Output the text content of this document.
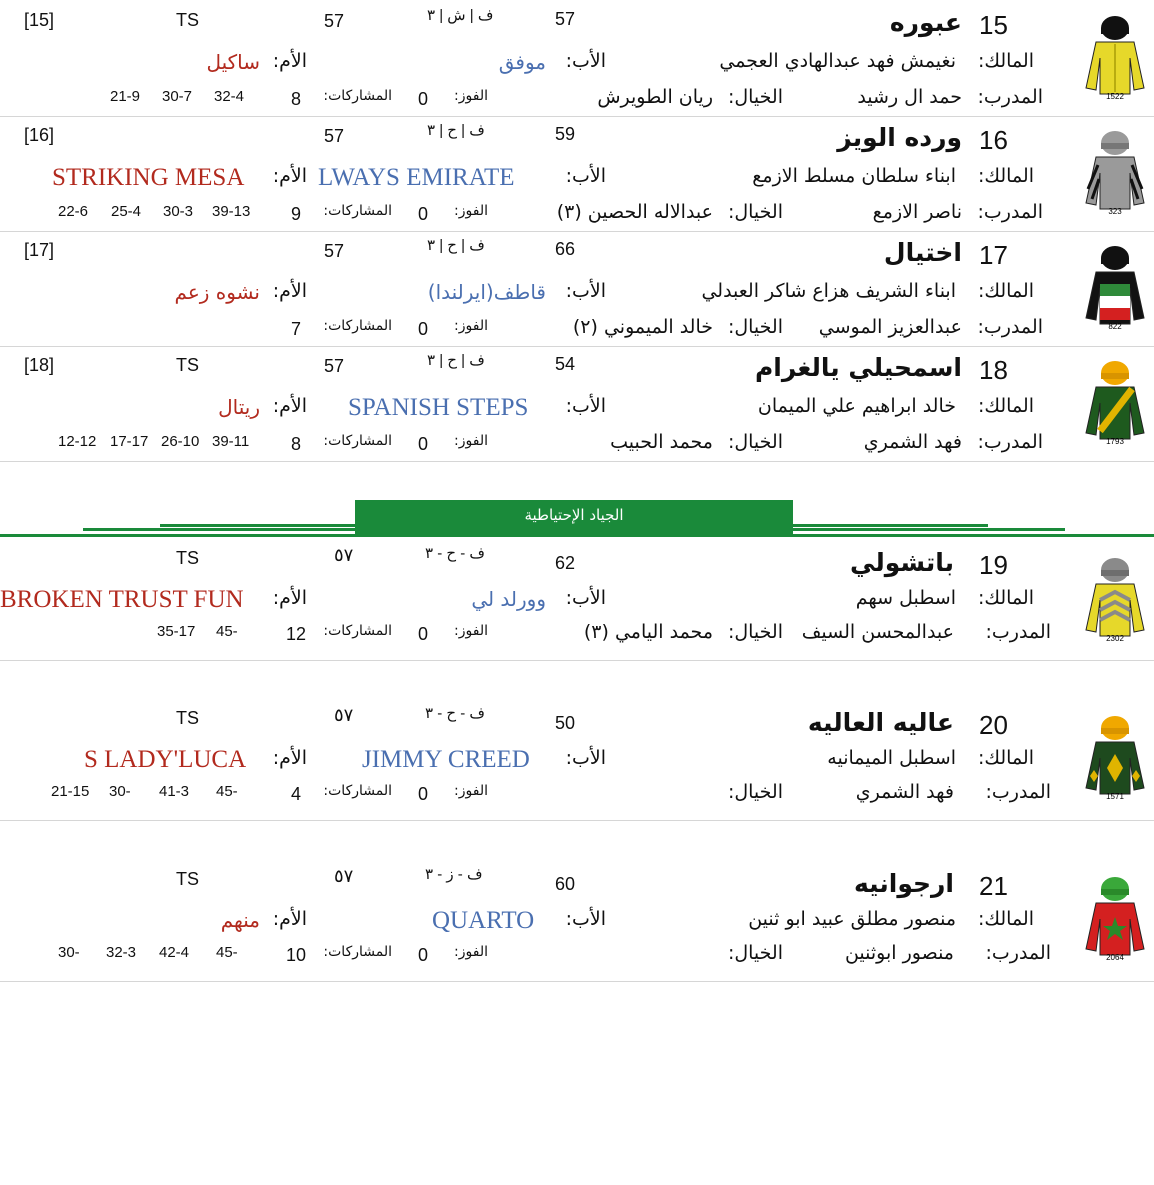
1522
15
عبوره
57
ف | ش | ٣
57
TS
[15]
المالك:
نغيمش فهد عبدالهادي العجمي
الأب:
موفق
الأم:
ساكيل
المدرب:
حمد ال رشيد
الخيال:
ريان الطويرش
الفوز:
0
المشاركات:
8
32-4
30-7
21-9
323
16
ورده الويز
59
ف | ح | ٣
57
[16]
المالك:
ابناء سلطان مسلط الازمع
الأب:
LWAYS EMIRATE
الأم:
STRIKING MESA
المدرب:
ناصر الازمع
الخيال:
عبدالاله الحصين (٣)
الفوز:
0
المشاركات:
9
39-13
30-3
25-4
22-6
822
17
اختيال
66
ف | ح | ٣
57
[17]
المالك:
ابناء الشريف هزاع شاكر العبدلي
الأب:
قاطف(ايرلندا)
الأم:
نشوه زعم
المدرب:
عبدالعزيز الموسي
الخيال:
خالد الميموني (٢)
الفوز:
0
المشاركات:
7
1793
18
اسمحيلي يالغرام
54
ف | ح | ٣
57
TS
[18]
المالك:
خالد ابراهيم علي الميمان
الأب:
SPANISH STEPS
الأم:
ريتال
المدرب:
فهد الشمري
الخيال:
محمد الحبيب
الفوز:
0
المشاركات:
8
39-11
26-10
17-17
12-12
الجياد الإحتياطية
2302
19
باتشولي
62
ف - ح - ٣
٥٧
TS
المالك:
اسطبل سهم
الأب:
وورلد لي
الأم:
BROKEN TRUST FUN
المدرب:
عبدالمحسن السيف
الخيال:
محمد اليامي (٣)
الفوز:
0
المشاركات:
12
45-
35-17
1571
20
عاليه العاليه
50
ف - ح - ٣
٥٧
TS
المالك:
اسطبل الميمانيه
الأب:
JIMMY CREED
الأم:
S LADY'LUCA
المدرب:
فهد الشمري
الخيال:
الفوز:
0
المشاركات:
4
45-
41-3
30-
21-15
2064
21
ارجوانيه
60
ف - ز - ٣
٥٧
TS
المالك:
منصور مطلق عبيد ابو ثنين
الأب:
QUARTO
الأم:
منهم
المدرب:
منصور ابوثنين
الخيال:
الفوز:
0
المشاركات:
10
45-
42-4
32-3
30-
